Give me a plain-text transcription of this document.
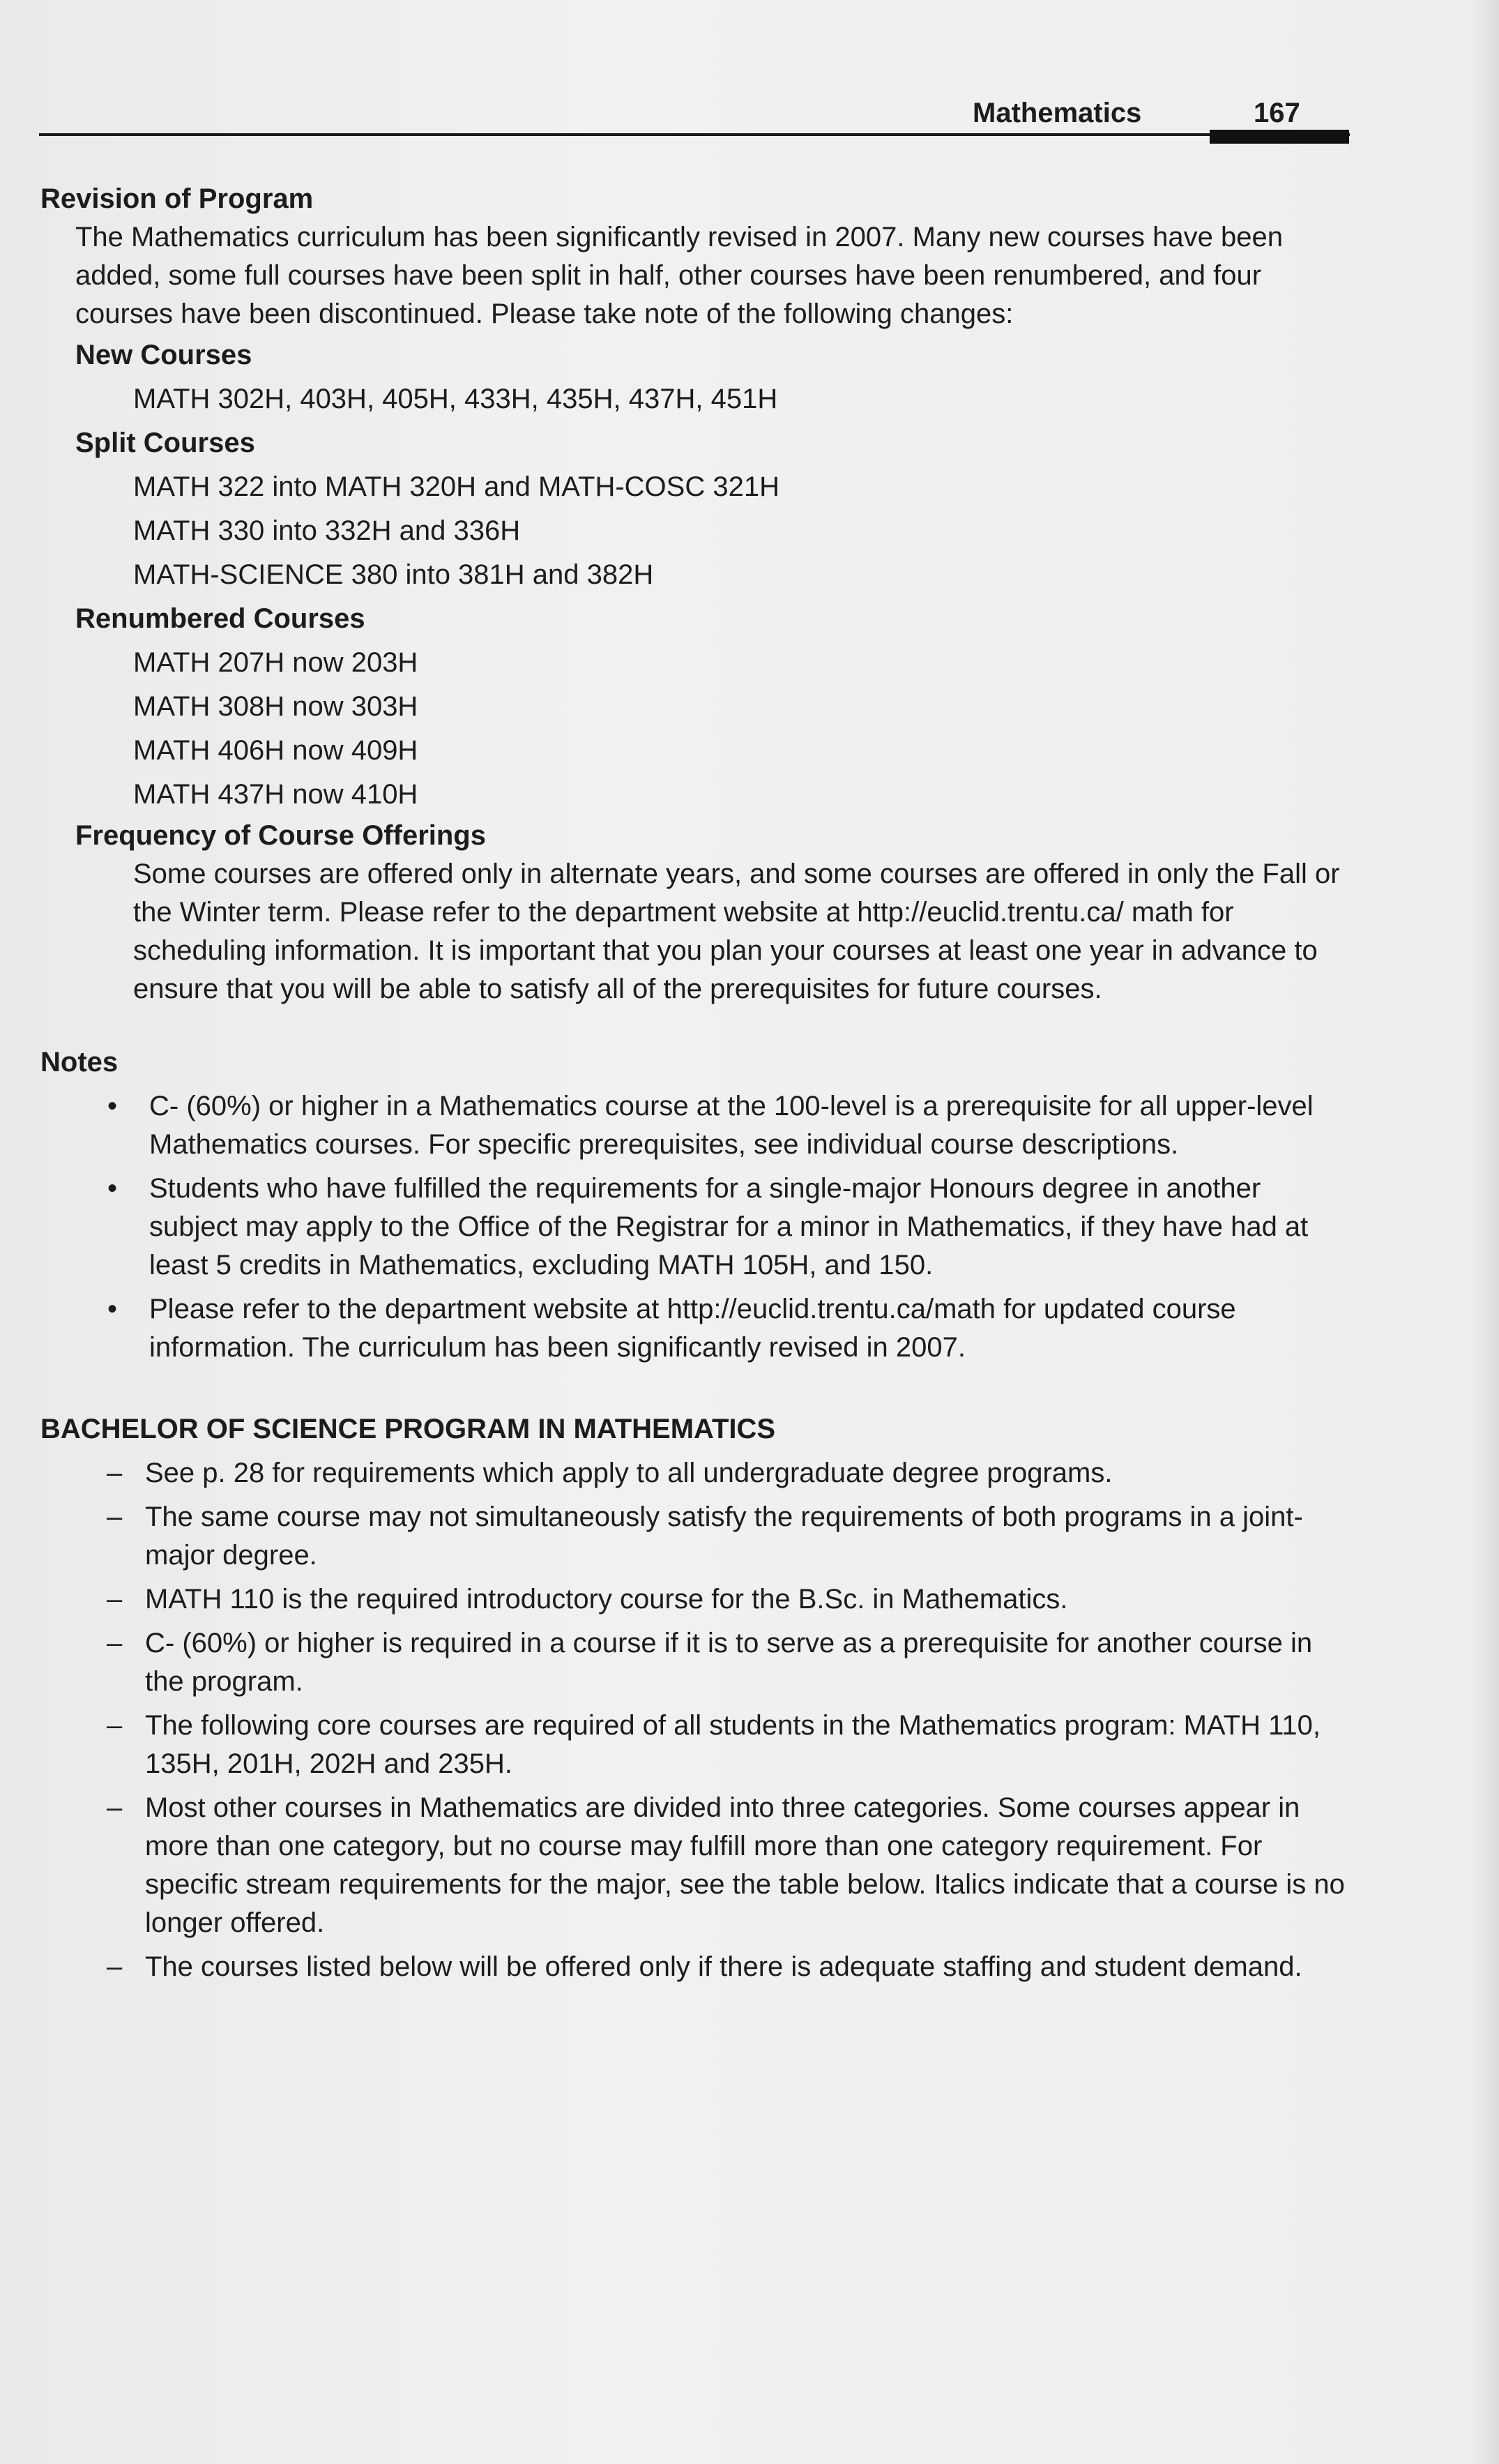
Mathematics	167

Revision of Program

The Mathematics curriculum has been significantly revised in 2007. Many new courses have been added, some full courses have been split in half, other courses have been renumbered, and four courses have been discontinued. Please take note of the following changes:

New Courses

MATH 302H, 403H, 405H, 433H, 435H, 437H, 451H

Split Courses

MATH 322 into MATH 320H and MATH-COSC 321H

MATH 330 into 332H and 336H

MATH-SCIENCE 380 into 381H and 382H

Renumbered Courses

MATH 207H now 203H

MATH 308H now 303H

MATH 406H now 409H

MATH 437H now 410H

Frequency of Course Offerings

Some courses are offered only in alternate years, and some courses are offered in only the Fall or the Winter term. Please refer to the department website at http://euclid.trentu.ca/ math for scheduling information. It is important that you plan your courses at least one year in advance to ensure that you will be able to satisfy all of the prerequisites for future courses.

Notes

•	C- (60%) or higher in a Mathematics course at the 100-level is a prerequisite for all upper-level Mathematics courses. For specific prerequisites, see individual course descriptions.
•	Students who have fulfilled the requirements for a single-major Honours degree in another subject may apply to the Office of the Registrar for a minor in Mathematics, if they have had at least 5 credits in Mathematics, excluding MATH 105H, and 150.
•	Please refer to the department website at http://euclid.trentu.ca/math for updated course information. The curriculum has been significantly revised in 2007.

BACHELOR OF SCIENCE PROGRAM IN MATHEMATICS

– See p. 28 for requirements which apply to all undergraduate degree programs.
– The same course may not simultaneously satisfy the requirements of both programs in a joint-major degree.
– MATH 110 is the required introductory course for the B.Sc. in Mathematics.
– C- (60%) or higher is required in a course if it is to serve as a prerequisite for another course in the program.
– The following core courses are required of all students in the Mathematics program: MATH 110, 135H, 201H, 202H and 235H.
– Most other courses in Mathematics are divided into three categories. Some courses appear in more than one category, but no course may fulfill more than one category requirement. For specific stream requirements for the major, see the table below. Italics indicate that a course is no longer offered.
– The courses listed below will be offered only if there is adequate staffing and student demand.
